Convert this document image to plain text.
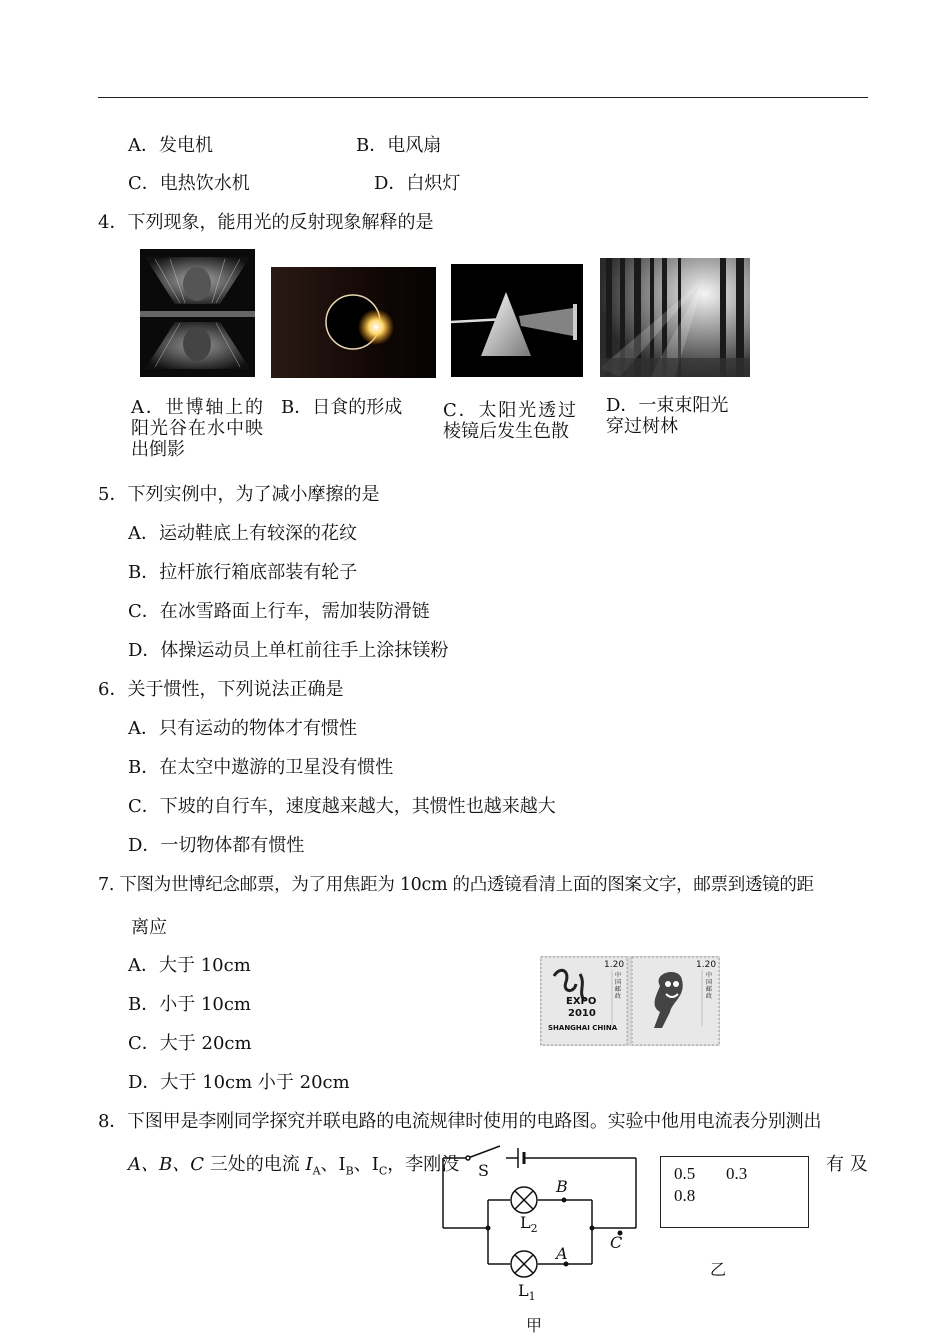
A．发电机	B．电风扇
C．电热饮水机	D．白炽灯
4．下列现象，能用光的反射现象解释的是
A．世博轴上的阳光谷在水中映出倒影
B．日食的形成	C．太阳光透过棱镜后发生色散
D．一束束阳光穿过树林
5．下列实例中，为了减小摩擦的是
A．运动鞋底上有较深的花纹
B．拉杆旅行箱底部装有轮子
C．在冰雪路面上行车，需加装防滑链
D．体操运动员上单杠前往手上涂抹镁粉
6．关于惯性，下列说法正确是
A．只有运动的物体才有惯性
B．在太空中遨游的卫星没有惯性
C．下坡的自行车，速度越来越大，其惯性也越来越大
D．一切物体都有惯性
7. 下图为世博纪念邮票，为了用焦距为 10cm 的凸透镜看清上面的图案文字，邮票到透镜的距
离应
A．大于 10cm
B．小于 10cm
C．大于 20cm
D．大于 10cm 小于 20cm
1.20	1.20
EXPO
2010
SHANGHAI CHINA
中国邮政
中国邮政
8．下图甲是李刚同学探究并联电路的电流规律时使用的电路图。实验中他用电流表分别测出
A、B、C 三处的电流 $I_A$、$I_B$、$I_C$，李刚没	有 及
S
B
$L_2$
C
A
$L_1$
甲
0.5 0.3
0.8
乙
